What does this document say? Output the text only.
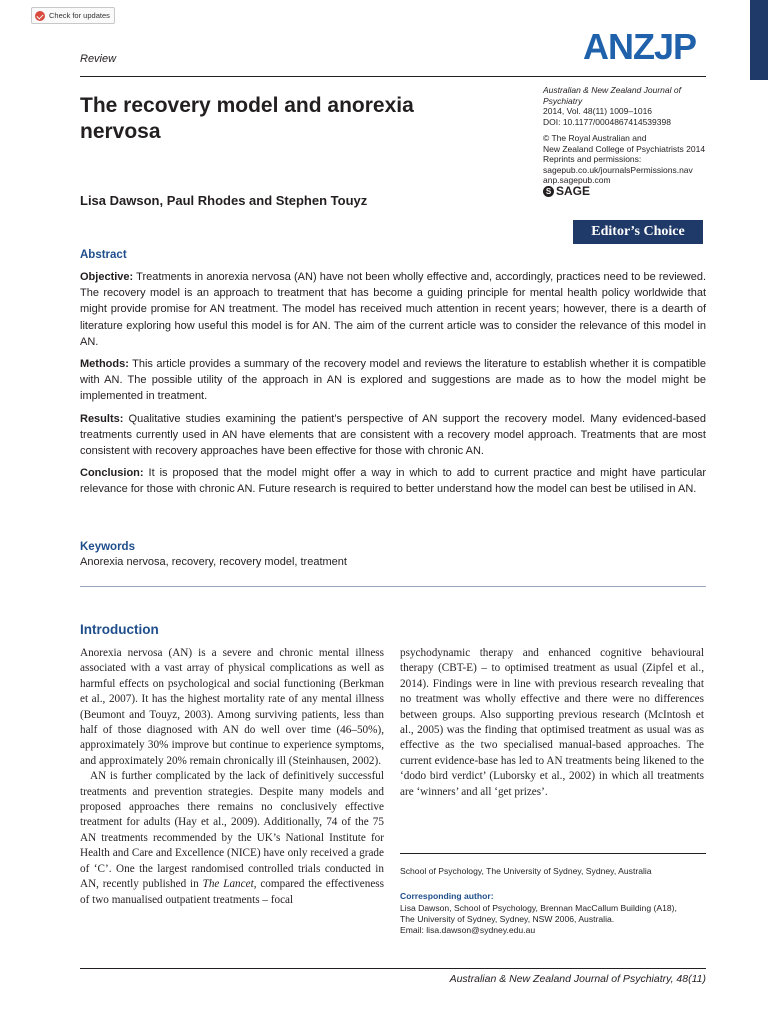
Check for updates
Review	ANZJP
The recovery model and anorexia nervosa
Australian & New Zealand Journal of Psychiatry
2014, Vol. 48(11) 1009–1016
DOI: 10.1177/0004867414539398
© The Royal Australian and
New Zealand College of Psychiatrists 2014
Reprints and permissions:
sagepub.co.uk/journalsPermissions.nav
anp.sagepub.com
S SAGE
Lisa Dawson, Paul Rhodes and Stephen Touyz
Editor’s Choice

Abstract

Objective: Treatments in anorexia nervosa (AN) have not been wholly effective and, accordingly, practices need to be reviewed. The recovery model is an approach to treatment that has become a guiding principle for mental health policy worldwide that might provide promise for AN treatment. The model has received much attention in recent years; however, there is a dearth of literature exploring how useful this model is for AN. The aim of the current article was to consider the relevance of this model in AN.

Methods: This article provides a summary of the recovery model and reviews the literature to establish whether it is compatible with AN. The possible utility of the approach in AN is explored and suggestions are made as to how the model might be implemented in treatment.

Results: Qualitative studies examining the patient’s perspective of AN support the recovery model. Many evidenced-based treatments currently used in AN have elements that are consistent with a recovery model approach. Treatments that are most consistent with recovery approaches have been effective for those with chronic AN.

Conclusion: It is proposed that the model might offer a way in which to add to current practice and might have particular relevance for those with chronic AN. Future research is required to better understand how the model can best be utilised in AN.

Keywords
Anorexia nervosa, recovery, recovery model, treatment
Introduction

Anorexia nervosa (AN) is a severe and chronic mental illness associated with a vast array of physical complications as well as harmful effects on psychological and social functioning (Berkman et al., 2007). It has the highest mortality rate of any mental illness (Beumont and Touyz, 2003). Among surviving patients, less than half of those diagnosed with AN do well over time (46–50%), approximately 30% improve but continue to experience symptoms, and approximately 20% remain chronically ill (Steinhausen, 2002).

AN is further complicated by the lack of definitively successful treatments and prevention strategies. Despite many models and proposed approaches there remains no conclusively effective treatment for adults (Hay et al., 2009). Additionally, 74 of the 75 AN treatments recommended by the UK’s National Institute for Health and Care and Excellence (NICE) have only received a grade of ‘C’. One the largest randomised controlled trials conducted in AN, recently published in The Lancet, compared the effectiveness of two manualised outpatient treatments – focal

psychodynamic therapy and enhanced cognitive behavioural therapy (CBT-E) – to optimised treatment as usual (Zipfel et al., 2014). Findings were in line with previous research revealing that no treatment was wholly effective and there were no differences between groups. Also supporting previous research (McIntosh et al., 2005) was the finding that optimised treatment as usual was as effective as the two specialised manual-based approaches. The current evidence-base has led to AN treatments being likened to the ‘dodo bird verdict’ (Luborsky et al., 2002) in which all treatments are ‘winners’ and all ‘get prizes’.

School of Psychology, The University of Sydney, Sydney, Australia
Corresponding author:
Lisa Dawson, School of Psychology, Brennan MacCallum Building (A18),
The University of Sydney, Sydney, NSW 2006, Australia.
Email: lisa.dawson@sydney.edu.au
Australian & New Zealand Journal of Psychiatry, 48(11)
